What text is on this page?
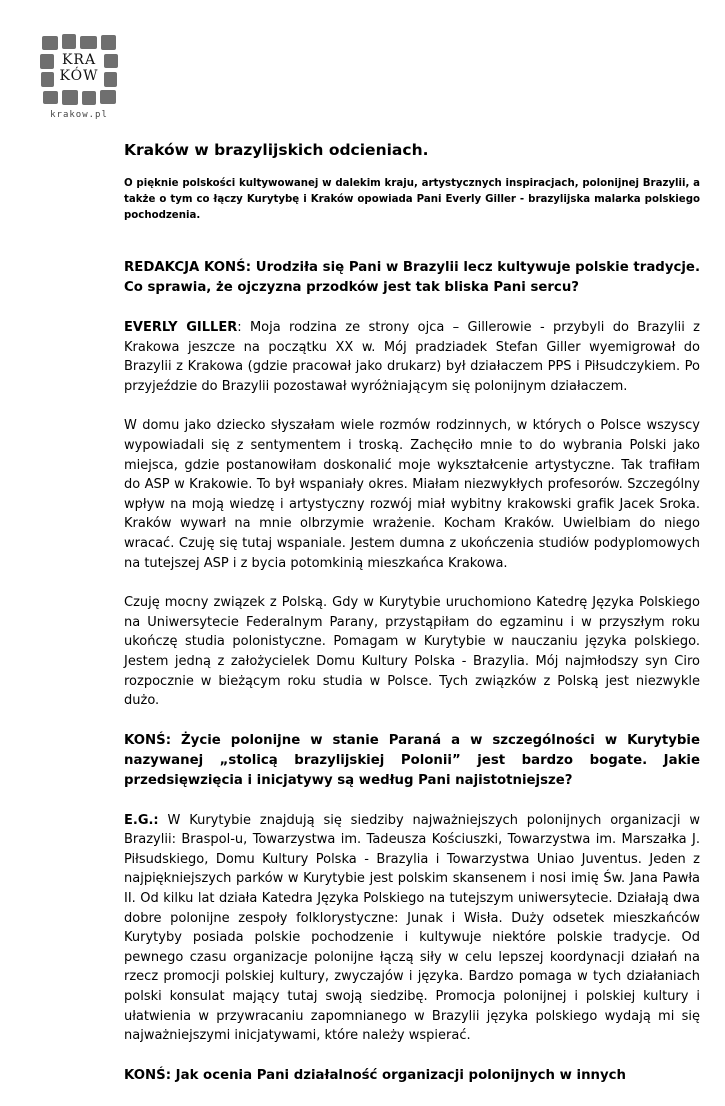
KRA
KÓW
krakow.pl
Kraków w brazylijskich odcieniach.
O pięknie polskości kultywowanej w dalekim kraju, artystycznych inspiracjach, polonijnej Brazylii, a także o tym co łączy Kurytybę i Kraków opowiada Pani Everly Giller - brazylijska malarka polskiego pochodzenia.
REDAKCJA KONŚ: Urodziła się Pani w Brazylii lecz kultywuje polskie tradycje. Co sprawia, że ojczyzna przodków jest tak bliska Pani sercu?
EVERLY GILLER: Moja rodzina ze strony ojca – Gillerowie - przybyli do Brazylii z Krakowa jeszcze na początku XX w. Mój pradziadek Stefan Giller wyemigrował do Brazylii z Krakowa (gdzie pracował jako drukarz) był działaczem PPS i Piłsudczykiem. Po przyjeździe do Brazylii pozostawał wyróżniającym się polonijnym działaczem.
W domu jako dziecko słyszałam wiele rozmów rodzinnych, w których o Polsce wszyscy wypowiadali się z sentymentem i troską. Zachęciło mnie to do wybrania Polski jako miejsca, gdzie postanowiłam doskonalić moje wykształcenie artystyczne. Tak trafiłam do ASP w Krakowie. To był wspaniały okres. Miałam niezwykłych profesorów. Szczególny wpływ na moją wiedzę i artystyczny rozwój miał wybitny krakowski grafik Jacek Sroka. Kraków wywarł na mnie olbrzymie wrażenie. Kocham Kraków. Uwielbiam do niego wracać. Czuję się tutaj wspaniale. Jestem dumna z ukończenia studiów podyplomowych na tutejszej ASP i z bycia potomkinią mieszkańca Krakowa.
Czuję mocny związek z Polską. Gdy w Kurytybie uruchomiono Katedrę Języka Polskiego na Uniwersytecie Federalnym Parany, przystąpiłam do egzaminu i w przyszłym roku ukończę studia polonistyczne. Pomagam w Kurytybie w nauczaniu języka polskiego. Jestem jedną z założycielek Domu Kultury Polska - Brazylia. Mój najmłodszy syn Ciro rozpocznie w bieżącym roku studia w Polsce. Tych związków z Polską jest niezwykle dużo.
KONŚ: Życie polonijne w stanie Paraná a w szczególności w Kurytybie nazywanej „stolicą brazylijskiej Polonii” jest bardzo bogate. Jakie przedsięwzięcia i inicjatywy są według Pani najistotniejsze?
E.G.: W Kurytybie znajdują się siedziby najważniejszych polonijnych organizacji w Brazylii: Braspol-u, Towarzystwa im. Tadeusza Kościuszki, Towarzystwa im. Marszałka J. Piłsudskiego, Domu Kultury Polska - Brazylia i Towarzystwa Uniao Juventus. Jeden z najpiękniejszych parków w Kurytybie jest polskim skansenem i nosi imię Św. Jana Pawła II. Od kilku lat działa Katedra Języka Polskiego na tutejszym uniwersytecie. Działają dwa dobre polonijne zespoły folklorystyczne: Junak i Wisła. Duży odsetek mieszkańców Kurytyby posiada polskie pochodzenie i kultywuje niektóre polskie tradycje. Od pewnego czasu organizacje polonijne łączą siły w celu lepszej koordynacji działań na rzecz promocji polskiej kultury, zwyczajów i języka. Bardzo pomaga w tych działaniach polski konsulat mający tutaj swoją siedzibę. Promocja polonijnej i polskiej kultury i ułatwienia w przywracaniu zapomnianego w Brazylii języka polskiego wydają mi się najważniejszymi inicjatywami, które należy wspierać.
KONŚ: Jak ocenia Pani działalność organizacji polonijnych w innych
